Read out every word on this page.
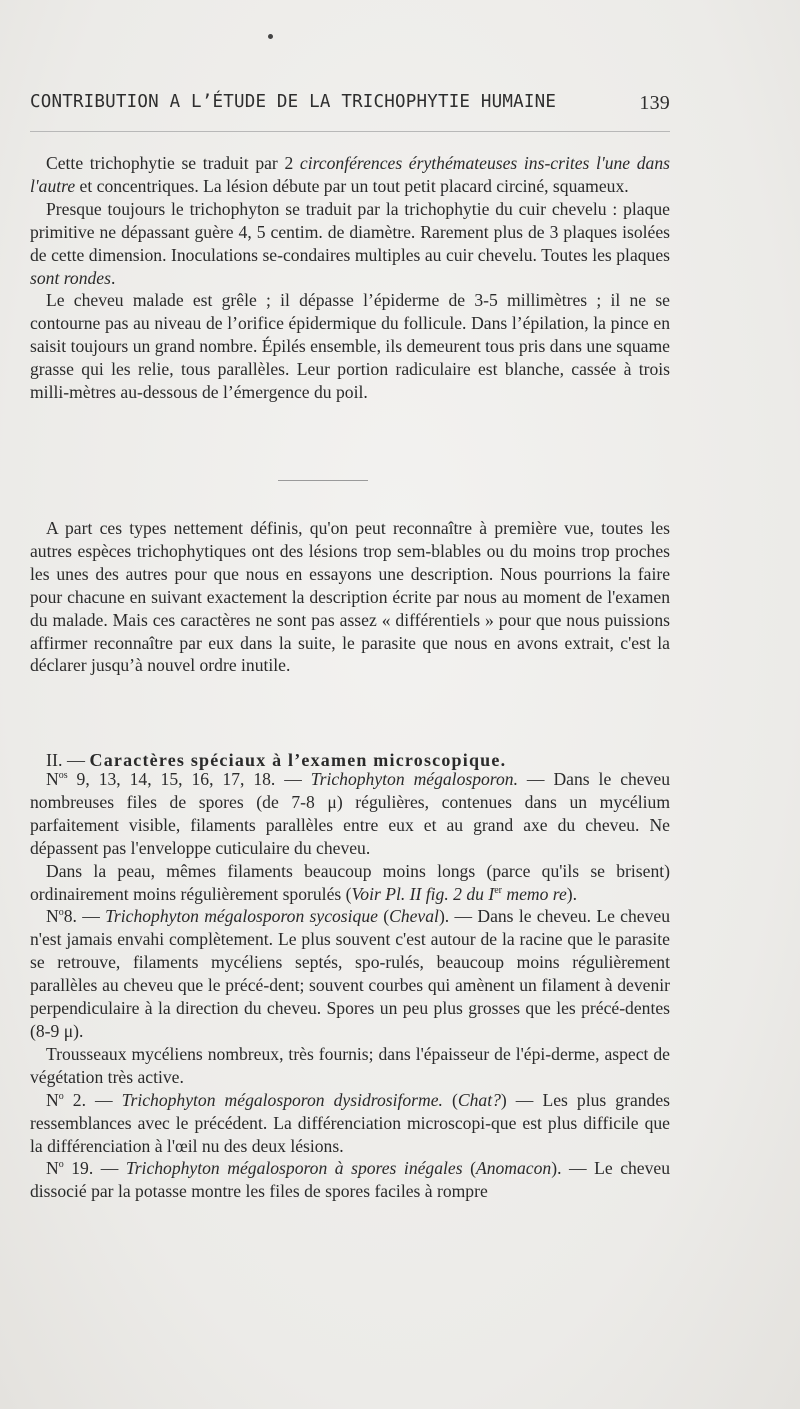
CONTRIBUTION A L’ÉTUDE DE LA TRICHOPHYTIE HUMAINE	139

Cette trichophytie se traduit par 2 circonférences érythémateuses ins-crites l'une dans l'autre et concentriques. La lésion débute par un tout petit placard circiné, squameux.

Presque toujours le trichophyton se traduit par la trichophytie du cuir chevelu : plaque primitive ne dépassant guère 4, 5 centim. de diamètre. Rarement plus de 3 plaques isolées de cette dimension. Inoculations se-condaires multiples au cuir chevelu. Toutes les plaques sont rondes.

Le cheveu malade est grêle ; il dépasse l’épiderme de 3-5 millimètres ; il ne se contourne pas au niveau de l’orifice épidermique du follicule. Dans l’épilation, la pince en saisit toujours un grand nombre. Épilés ensemble, ils demeurent tous pris dans une squame grasse qui les relie, tous parallèles. Leur portion radiculaire est blanche, cassée à trois milli-mètres au-dessous de l’émergence du poil.

A part ces types nettement définis, qu'on peut reconnaître à première vue, toutes les autres espèces trichophytiques ont des lésions trop sem-blables ou du moins trop proches les unes des autres pour que nous en essayons une description. Nous pourrions la faire pour chacune en suivant exactement la description écrite par nous au moment de l'examen du malade. Mais ces caractères ne sont pas assez « différentiels » pour que nous puissions affirmer reconnaître par eux dans la suite, le parasite que nous en avons extrait, c'est la déclarer jusqu’à nouvel ordre inutile.

II. — Caractères spéciaux à l’examen microscopique.

$N^{os}$ 9, 13, 14, 15, 16, 17, 18. — Trichophyton mégalosporon. — Dans le cheveu nombreuses files de spores (de 7-8 μ) régulières, contenues dans un mycélium parfaitement visible, filaments parallèles entre eux et au grand axe du cheveu. Ne dépassent pas l'enveloppe cuticulaire du cheveu.

Dans la peau, mêmes filaments beaucoup moins longs (parce qu'ils se brisent) ordinairement moins régulièrement sporulés (Voir Pl. II fig. 2 du Ier memo re).

$N^o8$. — Trichophyton mégalosporon sycosique (Cheval). — Dans le cheveu. Le cheveu n'est jamais envahi complètement. Le plus souvent c'est autour de la racine que le parasite se retrouve, filaments mycéliens septés, spo-rulés, beaucoup moins régulièrement parallèles au cheveu que le précé-dent; souvent courbes qui amènent un filament à devenir perpendiculaire à la direction du cheveu. Spores un peu plus grosses que les précé-dentes (8-9 μ).

Trousseaux mycéliens nombreux, très fournis; dans l'épaisseur de l'épi-derme, aspect de végétation très active.

$N^o$ 2. — Trichophyton mégalosporon dysidrosiforme. (Chat?) — Les plus grandes ressemblances avec le précédent. La différenciation microscopi-que est plus difficile que la différenciation à l'œil nu des deux lésions.

$N^o$ 19. — Trichophyton mégalosporon à spores inégales (Anomacon). — Le cheveu dissocié par la potasse montre les files de spores faciles à rompre
